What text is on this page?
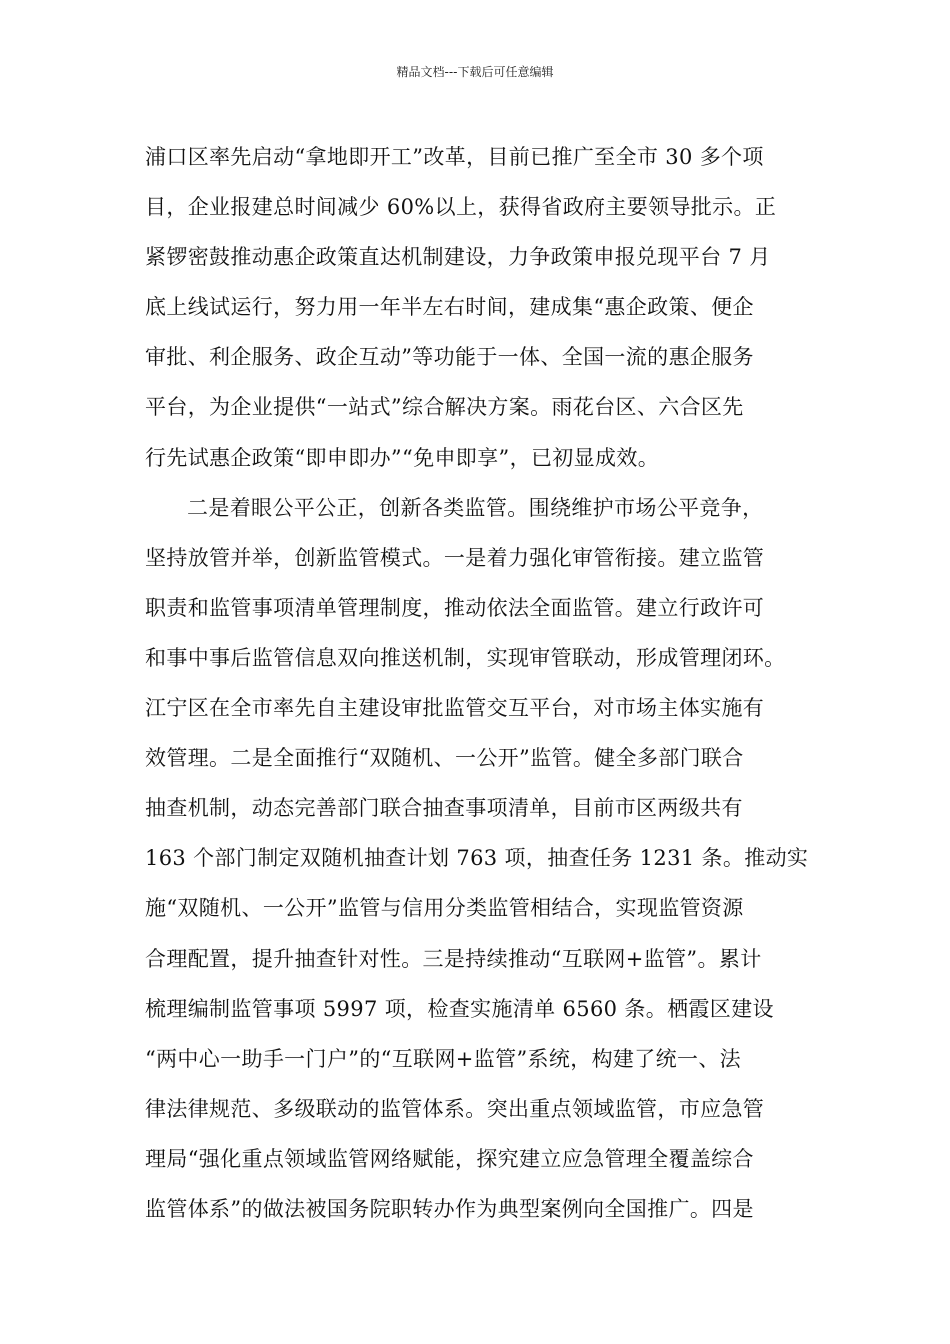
精品文档---下载后可任意编辑
浦口区率先启动“拿地即开工”改革，目前已推广至全市 30 多个项
目，企业报建总时间减少 60%以上，获得省政府主要领导批示。正
紧锣密鼓推动惠企政策直达机制建设，力争政策申报兑现平台 7 月
底上线试运行，努力用一年半左右时间，建成集“惠企政策、便企
审批、利企服务、政企互动”等功能于一体、全国一流的惠企服务
平台，为企业提供“一站式”综合解决方案。雨花台区、六合区先
行先试惠企政策“即申即办”“免申即享”，已初显成效。
二是着眼公平公正，创新各类监管。围绕维护市场公平竞争，
坚持放管并举，创新监管模式。一是着力强化审管衔接。建立监管
职责和监管事项清单管理制度，推动依法全面监管。建立行政许可
和事中事后监管信息双向推送机制，实现审管联动，形成管理闭环。
江宁区在全市率先自主建设审批监管交互平台，对市场主体实施有
效管理。二是全面推行“双随机、一公开”监管。健全多部门联合
抽查机制，动态完善部门联合抽查事项清单，目前市区两级共有
163 个部门制定双随机抽查计划 763 项，抽查任务 1231 条。推动实
施“双随机、一公开”监管与信用分类监管相结合，实现监管资源
合理配置，提升抽查针对性。三是持续推动“互联网+监管”。累计
梳理编制监管事项 5997 项，检查实施清单 6560 条。栖霞区建设
“两中心一助手一门户”的“互联网+监管”系统，构建了统一、法
律法律规范、多级联动的监管体系。突出重点领域监管，市应急管
理局“强化重点领域监管网络赋能，探究建立应急管理全覆盖综合
监管体系”的做法被国务院职转办作为典型案例向全国推广。四是
